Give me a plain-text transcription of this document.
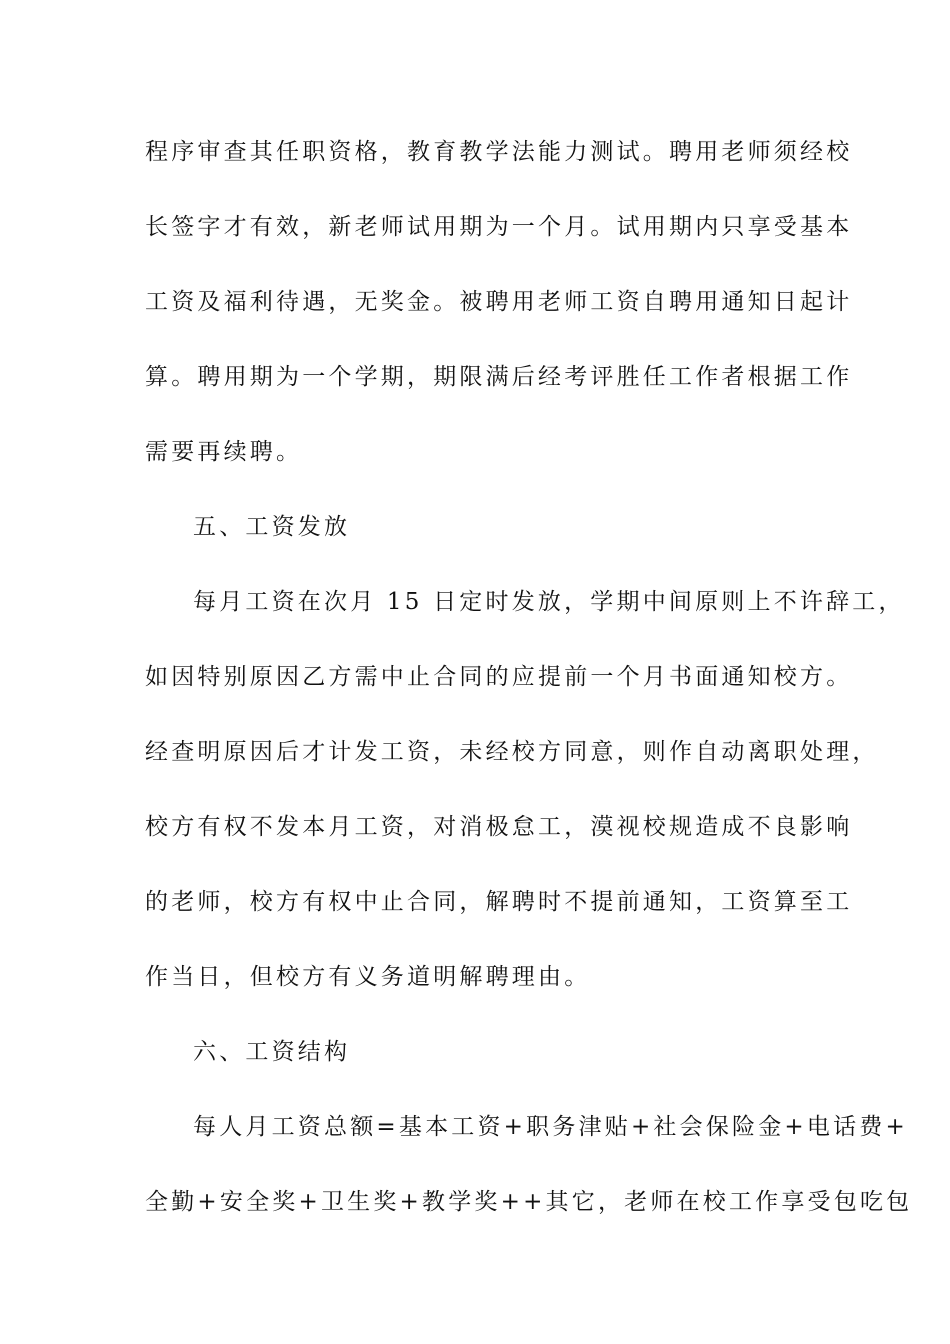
程序审查其任职资格，教育教学法能力测试。聘用老师须经校
长签字才有效，新老师试用期为一个月。试用期内只享受基本
工资及福利待遇，无奖金。被聘用老师工资自聘用通知日起计
算。聘用期为一个学期，期限满后经考评胜任工作者根据工作
需要再续聘。
五、工资发放
每月工资在次月 15 日定时发放，学期中间原则上不许辞工，
如因特别原因乙方需中止合同的应提前一个月书面通知校方。
经查明原因后才计发工资，未经校方同意，则作自动离职处理，
校方有权不发本月工资，对消极怠工，漠视校规造成不良影响
的老师，校方有权中止合同，解聘时不提前通知，工资算至工
作当日，但校方有义务道明解聘理由。
六、工资结构
每人月工资总额=基本工资+职务津贴+社会保险金+电话费+
全勤+安全奖+卫生奖+教学奖++其它，老师在校工作享受包吃包
